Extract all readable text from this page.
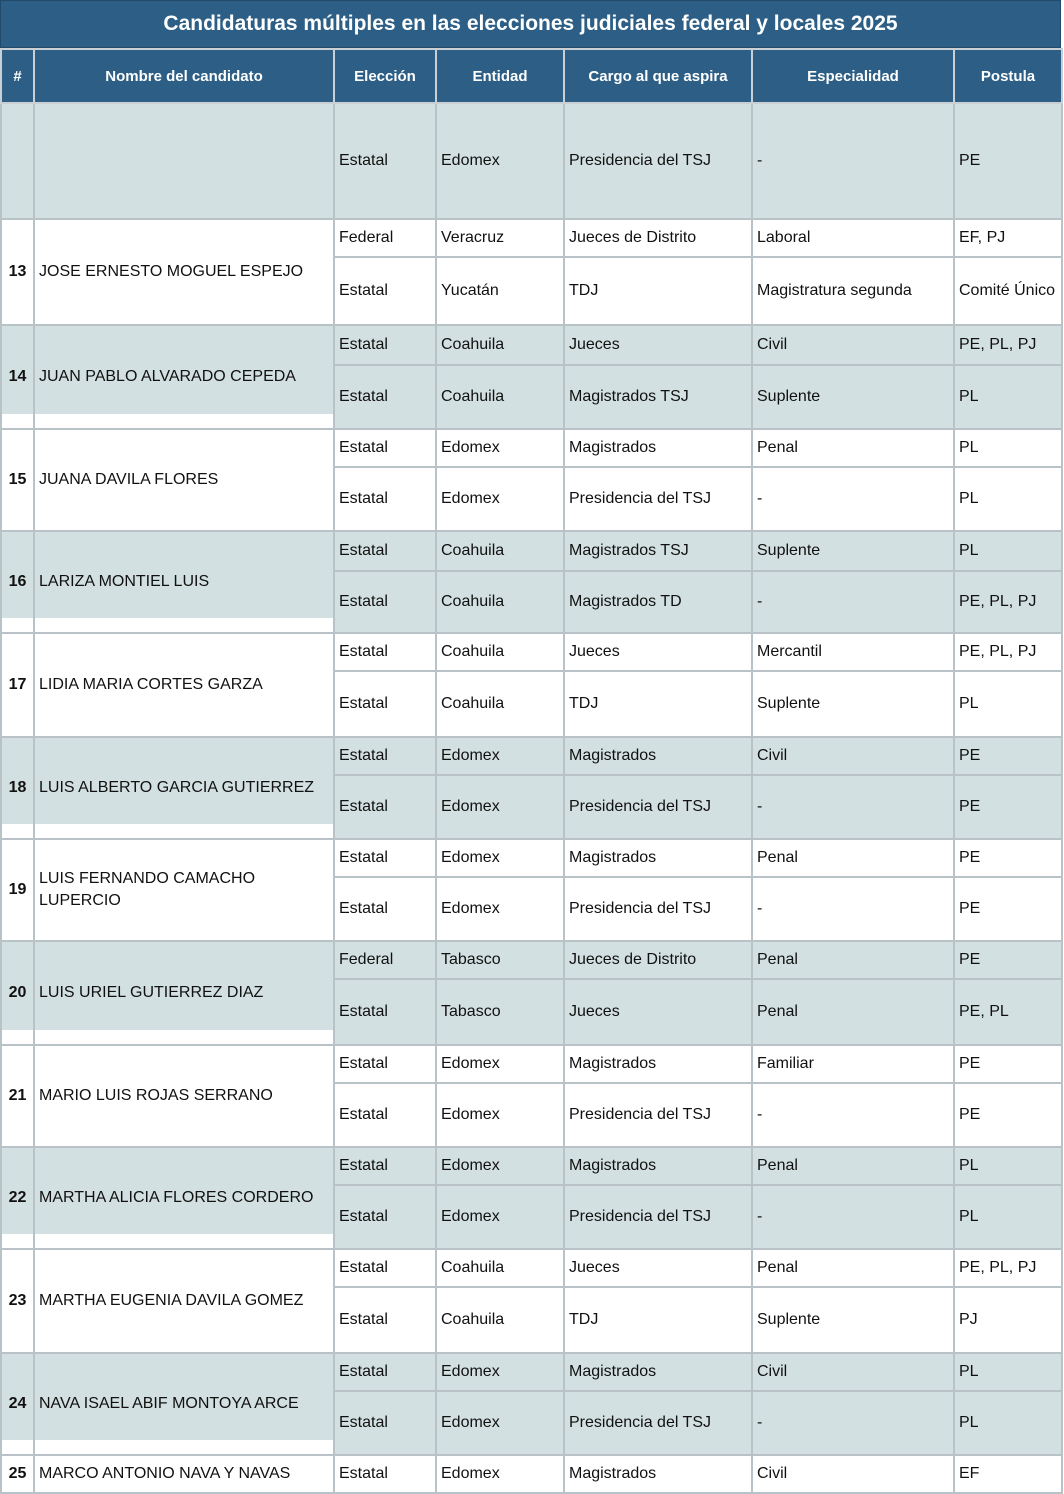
Candidaturas múltiples en las elecciones judiciales federal y locales 2025
#	Nombre del candidato	Elección	Entidad	Cargo al que aspira	Especialidad	Postula
		Estatal	Edomex	Presidencia del TSJ	-	PE
13	JOSE ERNESTO MOGUEL ESPEJO	Federal	Veracruz	Jueces de Distrito	Laboral	EF, PJ
		Estatal	Yucatán	TDJ	Magistratura segunda	Comité Único
14	JUAN PABLO ALVARADO CEPEDA	Estatal	Coahuila	Jueces	Civil	PE, PL, PJ
		Estatal	Coahuila	Magistrados TSJ	Suplente	PL
15	JUANA DAVILA FLORES	Estatal	Edomex	Magistrados	Penal	PL
		Estatal	Edomex	Presidencia del TSJ	-	PL
16	LARIZA MONTIEL LUIS	Estatal	Coahuila	Magistrados TSJ	Suplente	PL
		Estatal	Coahuila	Magistrados TD	-	PE, PL, PJ
17	LIDIA MARIA CORTES GARZA	Estatal	Coahuila	Jueces	Mercantil	PE, PL, PJ
		Estatal	Coahuila	TDJ	Suplente	PL
18	LUIS ALBERTO GARCIA GUTIERREZ	Estatal	Edomex	Magistrados	Civil	PE
		Estatal	Edomex	Presidencia del TSJ	-	PE
19	LUIS FERNANDO CAMACHO LUPERCIO	Estatal	Edomex	Magistrados	Penal	PE
		Estatal	Edomex	Presidencia del TSJ	-	PE
20	LUIS URIEL GUTIERREZ DIAZ	Federal	Tabasco	Jueces de Distrito	Penal	PE
		Estatal	Tabasco	Jueces	Penal	PE, PL
21	MARIO LUIS ROJAS SERRANO	Estatal	Edomex	Magistrados	Familiar	PE
		Estatal	Edomex	Presidencia del TSJ	-	PE
22	MARTHA ALICIA FLORES CORDERO	Estatal	Edomex	Magistrados	Penal	PL
		Estatal	Edomex	Presidencia del TSJ	-	PL
23	MARTHA EUGENIA DAVILA GOMEZ	Estatal	Coahuila	Jueces	Penal	PE, PL, PJ
		Estatal	Coahuila	TDJ	Suplente	PJ
24	NAVA ISAEL ABIF MONTOYA ARCE	Estatal	Edomex	Magistrados	Civil	PL
		Estatal	Edomex	Presidencia del TSJ	-	PL
25	MARCO ANTONIO NAVA Y NAVAS	Estatal	Edomex	Magistrados	Civil	EF
